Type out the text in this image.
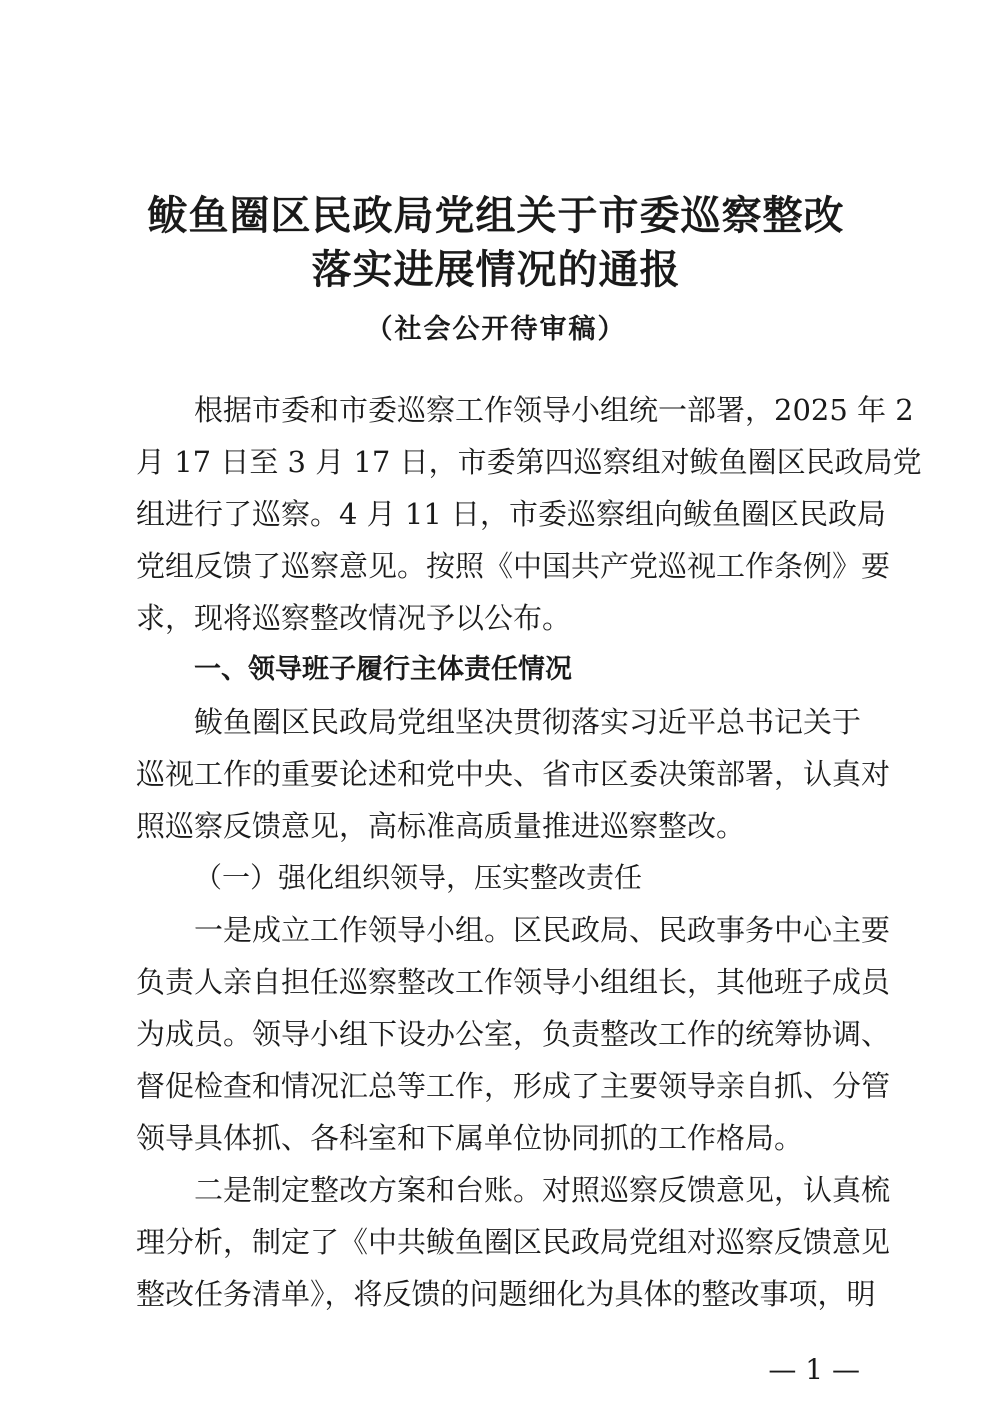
鲅鱼圈区民政局党组关于市委巡察整改
落实进展情况的通报
（社会公开待审稿）
根据市委和市委巡察工作领导小组统一部署，2025 年 2
月 17 日至 3 月 17 日，市委第四巡察组对鲅鱼圈区民政局党
组进行了巡察。4 月 11 日，市委巡察组向鲅鱼圈区民政局
党组反馈了巡察意见。按照《中国共产党巡视工作条例》要
求，现将巡察整改情况予以公布。
一、领导班子履行主体责任情况
鲅鱼圈区民政局党组坚决贯彻落实习近平总书记关于
巡视工作的重要论述和党中央、省市区委决策部署，认真对
照巡察反馈意见，高标准高质量推进巡察整改。
（一）强化组织领导，压实整改责任
一是成立工作领导小组。区民政局、民政事务中心主要
负责人亲自担任巡察整改工作领导小组组长，其他班子成员
为成员。领导小组下设办公室，负责整改工作的统筹协调、
督促检查和情况汇总等工作，形成了主要领导亲自抓、分管
领导具体抓、各科室和下属单位协同抓的工作格局。
二是制定整改方案和台账。对照巡察反馈意见，认真梳
理分析，制定了《中共鲅鱼圈区民政局党组对巡察反馈意见
整改任务清单》，将反馈的问题细化为具体的整改事项，明
— 1 —
